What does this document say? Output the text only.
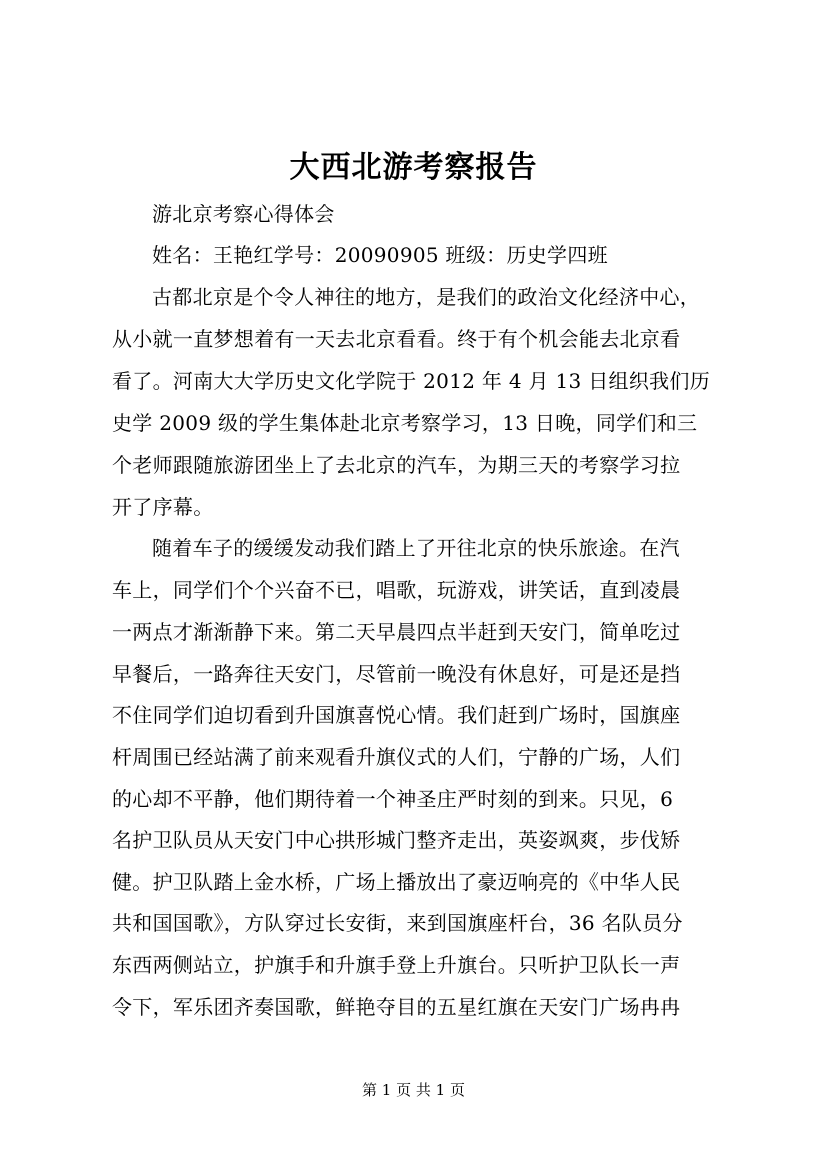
大西北游考察报告
游北京考察心得体会
姓名：王艳红学号：20090905 班级：历史学四班
古都北京是个令人神往的地方，是我们的政治文化经济中心，
从小就一直梦想着有一天去北京看看。终于有个机会能去北京看
看了。河南大大学历史文化学院于 2012 年 4 月 13 日组织我们历
史学 2009 级的学生集体赴北京考察学习，13 日晚，同学们和三
个老师跟随旅游团坐上了去北京的汽车，为期三天的考察学习拉
开了序幕。
随着车子的缓缓发动我们踏上了开往北京的快乐旅途。在汽
车上，同学们个个兴奋不已，唱歌，玩游戏，讲笑话，直到凌晨
一两点才渐渐静下来。第二天早晨四点半赶到天安门，简单吃过
早餐后，一路奔往天安门，尽管前一晚没有休息好，可是还是挡
不住同学们迫切看到升国旗喜悦心情。我们赶到广场时，国旗座
杆周围已经站满了前来观看升旗仪式的人们，宁静的广场，人们
的心却不平静，他们期待着一个神圣庄严时刻的到来。只见，6
名护卫队员从天安门中心拱形城门整齐走出，英姿飒爽，步伐矫
健。护卫队踏上金水桥，广场上播放出了豪迈响亮的《中华人民
共和国国歌》，方队穿过长安街，来到国旗座杆台，36 名队员分
东西两侧站立，护旗手和升旗手登上升旗台。只听护卫队长一声
令下，军乐团齐奏国歌，鲜艳夺目的五星红旗在天安门广场冉冉
第 1 页 共 1 页
